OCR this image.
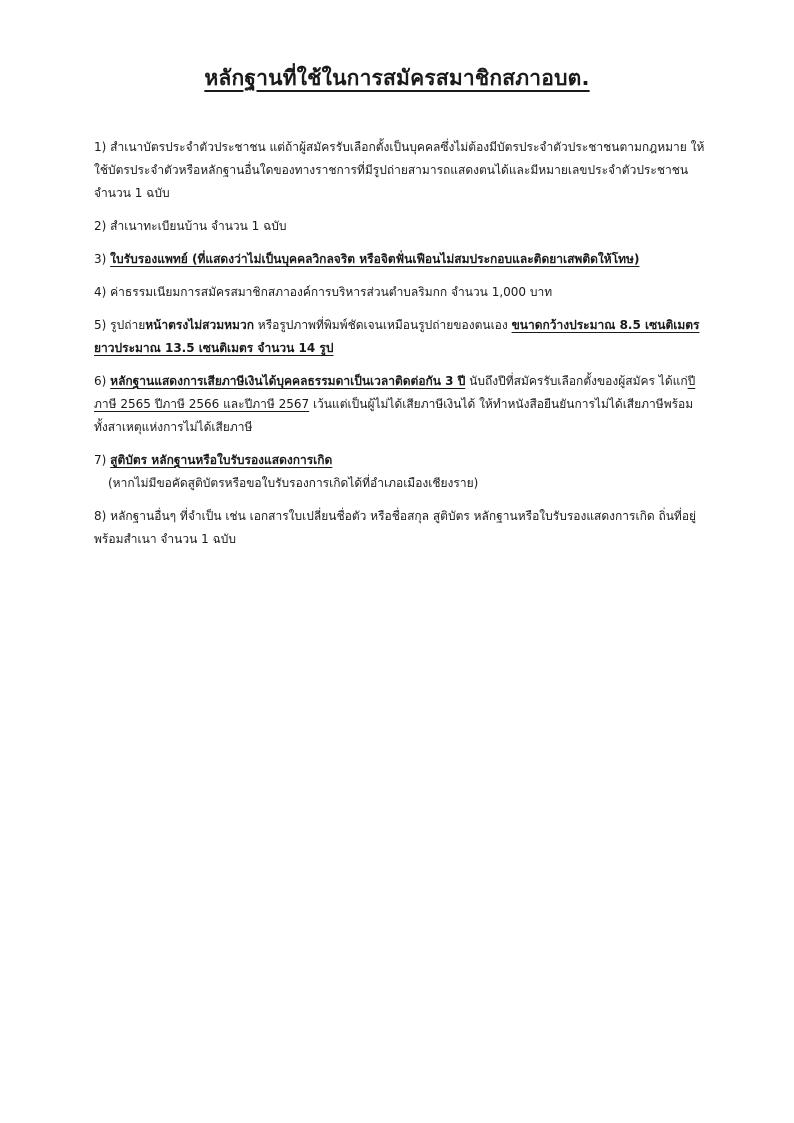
หลักฐานที่ใช้ในการสมัครสมาชิกสภาอบต.

1) สำเนาบัตรประจำตัวประชาชน แต่ถ้าผู้สมัครรับเลือกตั้งเป็นบุคคลซึ่งไม่ต้องมีบัตรประจำตัวประชาชนตามกฎหมาย ให้ใช้บัตรประจำตัวหรือหลักฐานอื่นใดของทางราชการที่มีรูปถ่ายสามารถแสดงตนได้และมีหมายเลขประจำตัวประชาชน จำนวน 1 ฉบับ

2) สำเนาทะเบียนบ้าน จำนวน 1 ฉบับ

3) ใบรับรองแพทย์ (ที่แสดงว่าไม่เป็นบุคคลวิกลจริต หรือจิตฟั่นเฟือนไม่สมประกอบและติดยาเสพติดให้โทษ)

4) ค่าธรรมเนียมการสมัครสมาชิกสภาองค์การบริหารส่วนตำบลริมกก จำนวน 1,000 บาท

5) รูปถ่ายหน้าตรงไม่สวมหมวก หรือรูปภาพที่พิมพ์ชัดเจนเหมือนรูปถ่ายของตนเอง ขนาดกว้างประมาณ 8.5 เซนติเมตร ยาวประมาณ 13.5 เซนติเมตร จำนวน 14 รูป

6) หลักฐานแสดงการเสียภาษีเงินได้บุคคลธรรมดาเป็นเวลาติดต่อกัน 3 ปี นับถึงปีที่สมัครรับเลือกตั้งของผู้สมัคร ได้แก่ปีภาษี 2565 ปีภาษี 2566 และปีภาษี 2567 เว้นแต่เป็นผู้ไม่ได้เสียภาษีเงินได้ ให้ทำหนังสือยืนยันการไม่ได้เสียภาษีพร้อมทั้งสาเหตุแห่งการไม่ได้เสียภาษี

7) สูติบัตร หลักฐานหรือใบรับรองแสดงการเกิด

(หากไม่มีขอคัดสูติบัตรหรือขอใบรับรองการเกิดได้ที่อำเภอเมืองเชียงราย)

8) หลักฐานอื่นๆ ที่จำเป็น เช่น เอกสารใบเปลี่ยนชื่อตัว หรือชื่อสกุล สูติบัตร หลักฐานหรือใบรับรองแสดงการเกิด ถิ่นที่อยู่ พร้อมสำเนา จำนวน 1 ฉบับ
